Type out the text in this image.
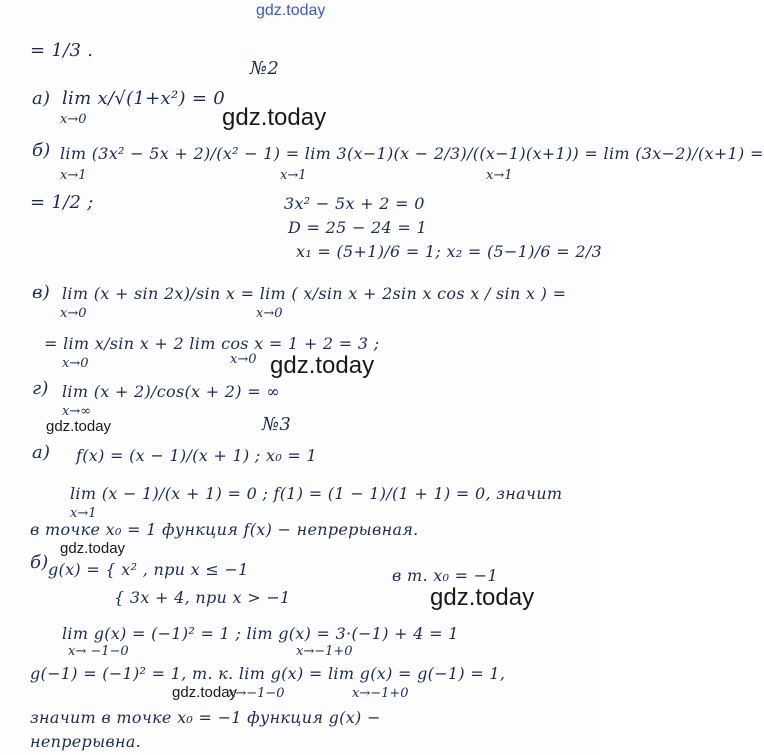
gdz.today
= 1/3 .
№2
а) lim x/√(1+x²) = 0
x→0	gdz.today
б) lim (3x² − 5x + 2)/(x² − 1) = lim 3(x−1)(x − 2/3)/((x−1)(x+1)) = lim (3x−2)/(x+1) =
x→1	x→1	x→1
= 1/2 ;	3x² − 5x + 2 = 0
D = 25 − 24 = 1
x₁ = (5+1)/6 = 1; x₂ = (5−1)/6 = 2/3
в) lim (x + sin 2x)/sin x = lim ( x/sin x + 2sin x cos x / sin x ) =
x→0	x→0
= lim x/sin x + 2 lim cos x = 1 + 2 = 3 ;
x→0	x→0 gdz.today
г) lim (x + 2)/cos(x + 2) = ∞
x→∞
gdz.today	№3
а) f(x) = (x − 1)/(x + 1) ; x₀ = 1
lim (x − 1)/(x + 1) = 0 ; f(1) = (1 − 1)/(1 + 1) = 0, значит
x→1
в точке x₀ = 1 функция f(x) − непрерывная.
gdz.today
б) g(x) = { x² , при x ≤ −1
{ 3x + 4, при x > −1
в т. x₀ = −1
gdz.today
lim g(x) = (−1)² = 1 ; lim g(x) = 3·(−1) + 4 = 1
x→ −1−0	x→−1+0
g(−1) = (−1)² = 1, т. к. lim g(x) = lim g(x) = g(−1) = 1,
x→−1−0	x→−1+0
gdz.today
значит в точке x₀ = −1 функция g(x) −
непрерывна.
